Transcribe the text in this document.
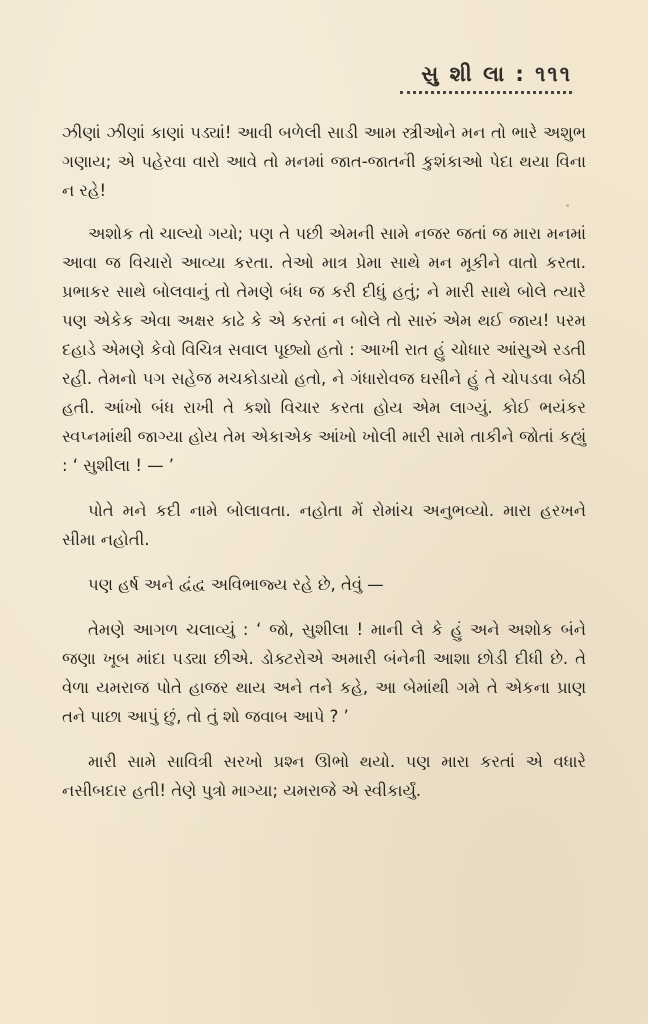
સુ શી લા : ૧૧૧

ઝીણાં ઝીણાં કાણાં પડ્યાં! આવી બળેલી સાડી આમ સ્ત્રીઓને મન તો ભારે અશુભ ગણાય; એ પહેરવા વારો આવે તો મનમાં જાત-જાતની કુશંકાઓ પેદા થયા વિના ન રહે!

અશોક તો ચાલ્યો ગયો; પણ તે પછી એમની સામે નજર જતાં જ મારા મનમાં આવા જ વિચારો આવ્યા કરતા. તેઓ માત્ર પ્રેમા સાથે મન મૂકીને વાતો કરતા. પ્રભાકર સાથે બોલવાનું તો તેમણે બંધ જ કરી દીધું હતું; ને મારી સાથે બોલે ત્યારે પણ એકેક એવા અક્ષર કાઢે કે એ કરતાં ન બોલે તો સારું એમ થઈ જાય! પરમ દહાડે એમણે કેવો વિચિત્ર સવાલ પૂછ્યો હતો : આખી રાત હું ચોધાર આંસુએ રડતી રહી. તેમનો પગ સહેજ મચકોડાયો હતો, ને ગંધારોવજ ઘસીને હું તે ચોપડવા બેઠી હતી. આંખો બંધ રાખી તે કશો વિચાર કરતા હોય એમ લાગ્યું. કોઈ ભયંકર સ્વપ્નમાંથી જાગ્યા હોય તેમ એકાએક આંખો ખોલી મારી સામે તાકીને જોતાં કહ્યું : ‘ સુશીલા ! — ’

પોતે મને કદી નામે બોલાવતા. નહોતા મેં રોમાંચ અનુભવ્યો. મારા હરખને સીમા નહોતી.

પણ હર્ષ અને દ્વંદ્વ અવિભાજ્ય રહે છે, તેવું —

તેમણે આગળ ચલાવ્યું : ‘ જો, સુશીલા ! માની લે કે હું અને અશોક બંને જણા ખૂબ માંદા પડ્યા છીએ. ડોક્ટરોએ અમારી બંનેની આશા છોડી દીધી છે. તે વેળા યમરાજ પોતે હાજર થાય અને તને કહે, આ બેમાંથી ગમે તે એકના પ્રાણ તને પાછા આપું છું, તો તું શો જવાબ આપે ? ’

મારી સામે સાવિત્રી સરખો પ્રશ્ન ઊભો થયો. પણ મારા કરતાં એ વધારે નસીબદાર હતી! તેણે પુત્રો માગ્યા; યમરાજે એ સ્વીકાર્યું.
